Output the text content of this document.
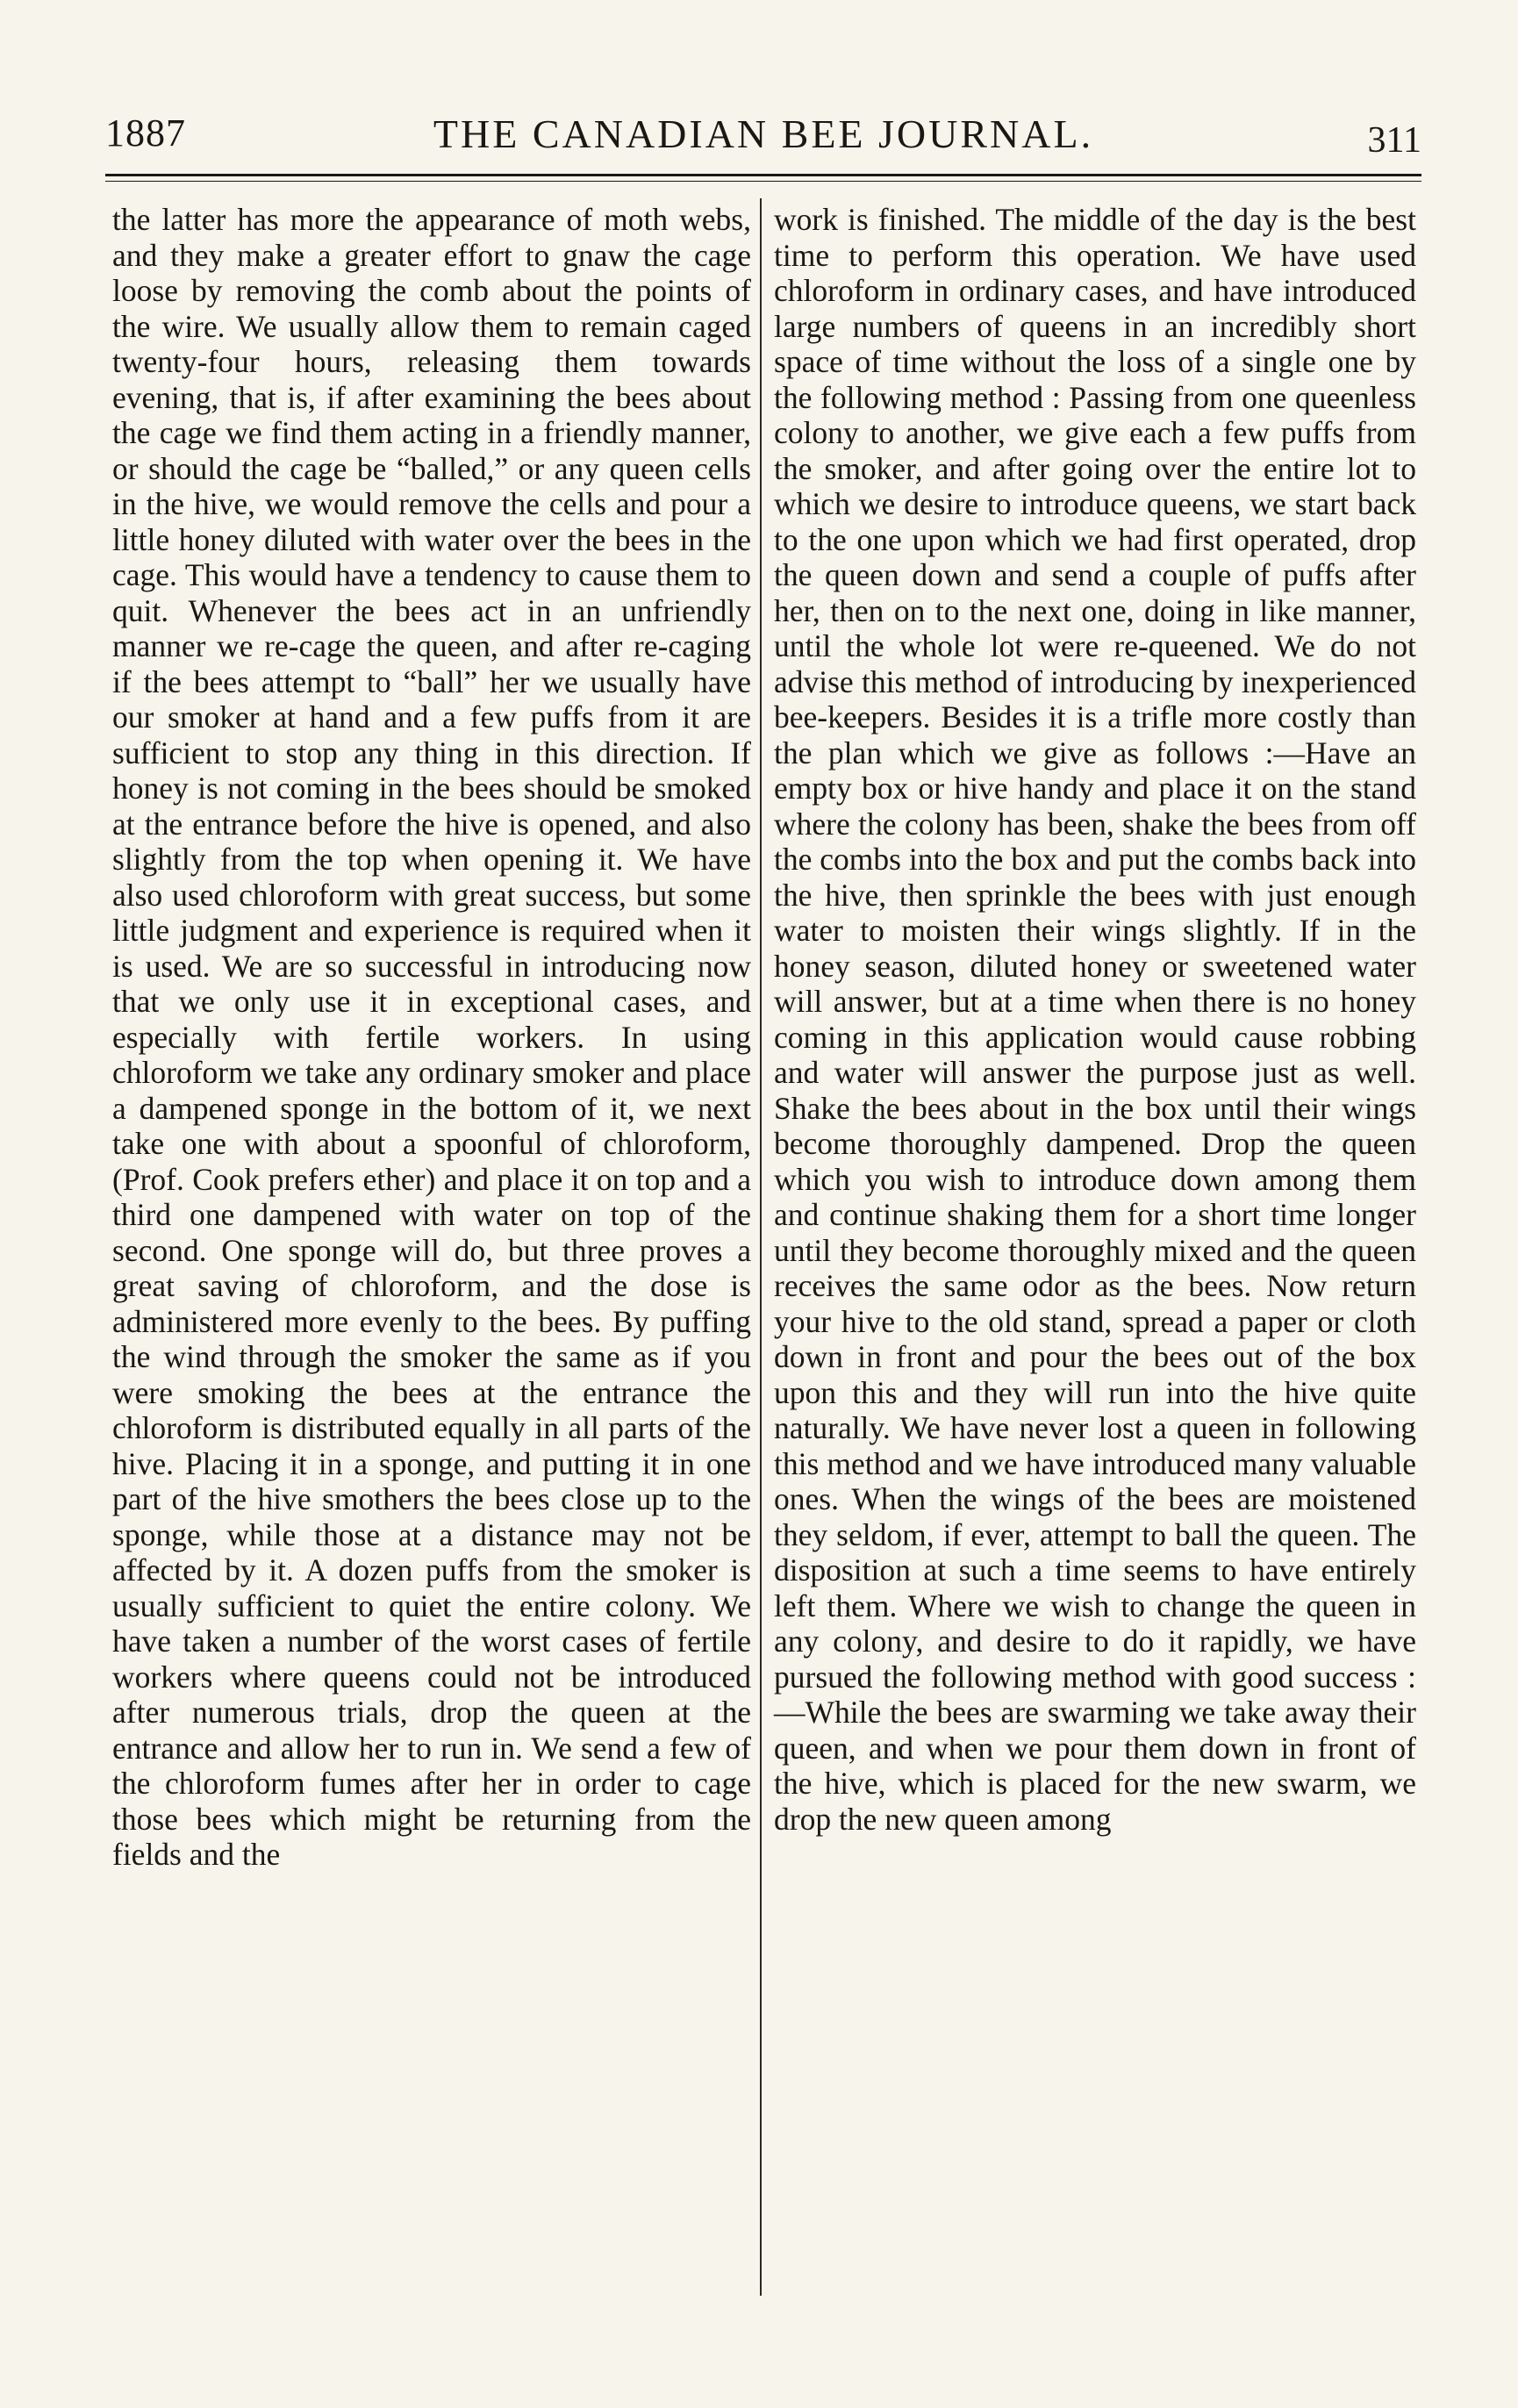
1887	THE CANADIAN BEE JOURNAL.	311

the latter has more the appearance of moth webs, and they make a greater effort to gnaw the cage loose by removing the comb about the points of the wire. We usually allow them to remain caged twenty-four hours, releasing them towards evening, that is, if after examining the bees about the cage we find them acting in a friendly manner, or should the cage be “balled,” or any queen cells in the hive, we would remove the cells and pour a little honey diluted with water over the bees in the cage. This would have a tendency to cause them to quit. Whenever the bees act in an unfriendly manner we re-cage the queen, and after re-caging if the bees attempt to “ball” her we usually have our smoker at hand and a few puffs from it are sufficient to stop any thing in this direction. If honey is not coming in the bees should be smoked at the entrance before the hive is opened, and also slightly from the top when opening it. We have also used chloroform with great success, but some little judgment and experience is required when it is used. We are so successful in introducing now that we only use it in exceptional cases, and especially with fertile workers. In using chloroform we take any ordinary smoker and place a dampened sponge in the bottom of it, we next take one with about a spoonful of chloroform, (Prof. Cook prefers ether) and place it on top and a third one dampened with water on top of the second. One sponge will do, but three proves a great saving of chloroform, and the dose is administered more evenly to the bees. By puffing the wind through the smoker the same as if you were smoking the bees at the entrance the chloroform is distributed equally in all parts of the hive. Placing it in a sponge, and putting it in one part of the hive smothers the bees close up to the sponge, while those at a distance may not be affected by it. A dozen puffs from the smoker is usually sufficient to quiet the entire colony. We have taken a number of the worst cases of fertile workers where queens could not be introduced after numerous trials, drop the queen at the entrance and allow her to run in. We send a few of the chloroform fumes after her in order to cage those bees which might be returning from the fields and the

work is finished. The middle of the day is the best time to perform this operation. We have used chloroform in ordinary cases, and have introduced large numbers of queens in an incredibly short space of time without the loss of a single one by the following method : Passing from one queenless colony to another, we give each a few puffs from the smoker, and after going over the entire lot to which we desire to introduce queens, we start back to the one upon which we had first operated, drop the queen down and send a couple of puffs after her, then on to the next one, doing in like manner, until the whole lot were re-queened. We do not advise this method of introducing by inexperienced bee-keepers. Besides it is a trifle more costly than the plan which we give as follows :—Have an empty box or hive handy and place it on the stand where the colony has been, shake the bees from off the combs into the box and put the combs back into the hive, then sprinkle the bees with just enough water to moisten their wings slightly. If in the honey season, diluted honey or sweetened water will answer, but at a time when there is no honey coming in this application would cause robbing and water will answer the purpose just as well. Shake the bees about in the box until their wings become thoroughly dampened. Drop the queen which you wish to introduce down among them and continue shaking them for a short time longer until they become thoroughly mixed and the queen receives the same odor as the bees. Now return your hive to the old stand, spread a paper or cloth down in front and pour the bees out of the box upon this and they will run into the hive quite naturally. We have never lost a queen in following this method and we have introduced many valuable ones. When the wings of the bees are moistened they seldom, if ever, attempt to ball the queen. The disposition at such a time seems to have entirely left them. Where we wish to change the queen in any colony, and desire to do it rapidly, we have pursued the following method with good success :—While the bees are swarming we take away their queen, and when we pour them down in front of the hive, which is placed for the new swarm, we drop the new queen among
